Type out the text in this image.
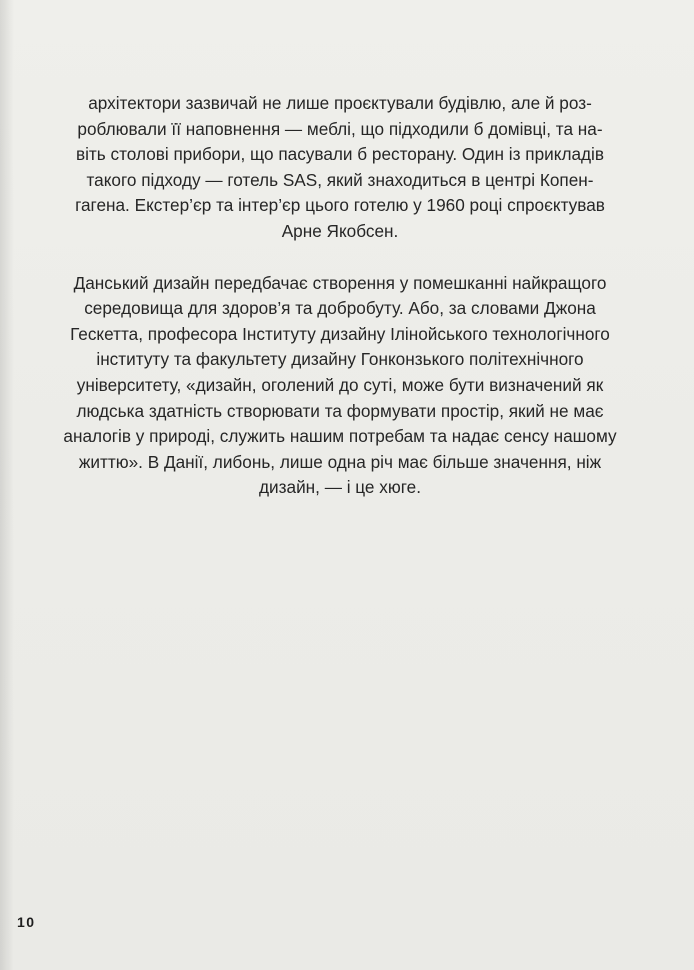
архітектори зазвичай не лише проєктували будівлю, але й роз-
роблювали її наповнення — меблі, що підходили б домівці, та на-
віть столові прибори, що пасували б ресторану. Один із прикладів
такого підходу — готель SAS, який знаходиться в центрі Копен-
гагена. Екстер’єр та інтер’єр цього готелю у 1960 році спроєктував
Арне Якобсен.
Данський дизайн передбачає створення у помешканні найкращого
середовища для здоров’я та добробуту. Або, за словами Джона
Гескетта, професора Інституту дизайну Ілінойського технологічного
інституту та факультету дизайну Гонконзького політехнічного
університету, «дизайн, оголений до суті, може бути визначений як
людська здатність створювати та формувати простір, який не має
аналогів у природі, служить нашим потребам та надає сенсу нашому
життю». В Данії, либонь, лише одна річ має більше значення, ніж
дизайн, — і це хюге.
10
